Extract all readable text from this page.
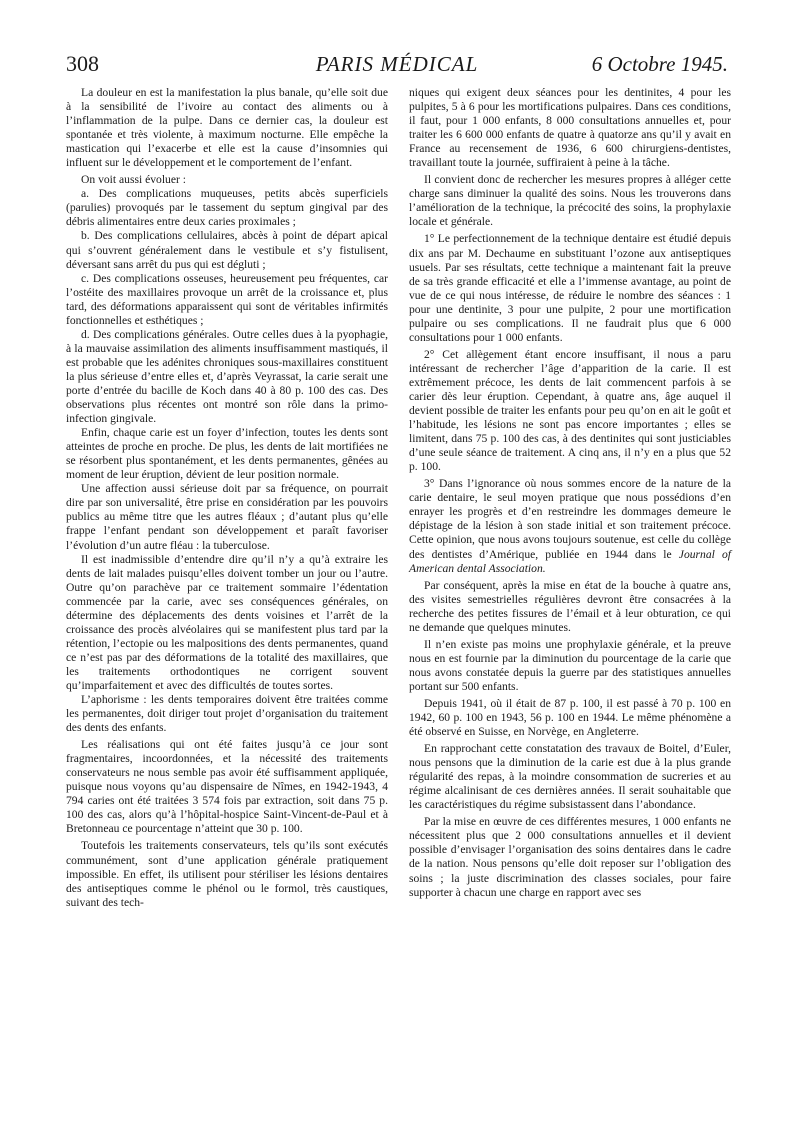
308	PARIS MÉDICAL	6 Octobre 1945.

La douleur en est la manifestation la plus banale, qu’elle soit due à la sensibilité de l’ivoire au contact des aliments ou à l’inflammation de la pulpe. Dans ce dernier cas, la douleur est spontanée et très violente, à maximum nocturne. Elle empêche la mastication qui l’exacerbe et elle est la cause d’insomnies qui influent sur le développement et le comportement de l’enfant.

On voit aussi évoluer :

a. Des complications muqueuses, petits abcès superficiels (parulies) provoqués par le tassement du septum gingival par des débris alimentaires entre deux caries proximales ;

b. Des complications cellulaires, abcès à point de départ apical qui s’ouvrent généralement dans le vestibule et s’y fistulisent, déversant sans arrêt du pus qui est dégluti ;

c. Des complications osseuses, heureusement peu fréquentes, car l’ostéite des maxillaires provoque un arrêt de la croissance et, plus tard, des déformations apparaissent qui sont de véritables infirmités fonctionnelles et esthétiques ;

d. Des complications générales. Outre celles dues à la pyophagie, à la mauvaise assimilation des aliments insuffisamment mastiqués, il est probable que les adénites chroniques sous-maxillaires constituent la plus sérieuse d’entre elles et, d’après Veyrassat, la carie serait une porte d’entrée du bacille de Koch dans 40 à 80 p. 100 des cas. Des observations plus récentes ont montré son rôle dans la primo-infection gingivale.

Enfin, chaque carie est un foyer d’infection, toutes les dents sont atteintes de proche en proche. De plus, les dents de lait mortifiées ne se résorbent plus spontanément, et les dents permanentes, gênées au moment de leur éruption, dévient de leur position normale.

Une affection aussi sérieuse doit par sa fréquence, on pourrait dire par son universalité, être prise en considération par les pouvoirs publics au même titre que les autres fléaux ; d’autant plus qu’elle frappe l’enfant pendant son développement et paraît favoriser l’évolution d’un autre fléau : la tuberculose.

Il est inadmissible d’entendre dire qu’il n’y a qu’à extraire les dents de lait malades puisqu’elles doivent tomber un jour ou l’autre. Outre qu’on parachève par ce traitement sommaire l’édentation commencée par la carie, avec ses conséquences générales, on détermine des déplacements des dents voisines et l’arrêt de la croissance des procès alvéolaires qui se manifestent plus tard par la rétention, l’ectopie ou les malpositions des dents permanentes, quand ce n’est pas par des déformations de la totalité des maxillaires, que les traitements orthodontiques ne corrigent souvent qu’imparfaitement et avec des difficultés de toutes sortes.

L’aphorisme : les dents temporaires doivent être traitées comme les permanentes, doit diriger tout projet d’organisation du traitement des dents des enfants.

Les réalisations qui ont été faites jusqu’à ce jour sont fragmentaires, incoordonnées, et la nécessité des traitements conservateurs ne nous semble pas avoir été suffisamment appliquée, puisque nous voyons qu’au dispensaire de Nîmes, en 1942-1943, 4 794 caries ont été traitées 3 574 fois par extraction, soit dans 75 p. 100 des cas, alors qu’à l’hôpital-hospice Saint-Vincent-de-Paul et à Bretonneau ce pourcentage n’atteint que 30 p. 100.

Toutefois les traitements conservateurs, tels qu’ils sont exécutés communément, sont d’une application générale pratiquement impossible. En effet, ils utilisent pour stériliser les lésions dentaires des antiseptiques comme le phénol ou le formol, très caustiques, suivant des tech-

niques qui exigent deux séances pour les dentinites, 4 pour les pulpites, 5 à 6 pour les mortifications pulpaires. Dans ces conditions, il faut, pour 1 000 enfants, 8 000 consultations annuelles et, pour traiter les 6 600 000 enfants de quatre à quatorze ans qu’il y avait en France au recensement de 1936, 6 600 chirurgiens-dentistes, travaillant toute la journée, suffiraient à peine à la tâche.

Il convient donc de rechercher les mesures propres à alléger cette charge sans diminuer la qualité des soins. Nous les trouverons dans l’amélioration de la technique, la précocité des soins, la prophylaxie locale et générale.

1° Le perfectionnement de la technique dentaire est étudié depuis dix ans par M. Dechaume en substituant l’ozone aux antiseptiques usuels. Par ses résultats, cette technique a maintenant fait la preuve de sa très grande efficacité et elle a l’immense avantage, au point de vue de ce qui nous intéresse, de réduire le nombre des séances : 1 pour une dentinite, 3 pour une pulpite, 2 pour une mortification pulpaire ou ses complications. Il ne faudrait plus que 6 000 consultations pour 1 000 enfants.

2° Cet allègement étant encore insuffisant, il nous a paru intéressant de rechercher l’âge d’apparition de la carie. Il est extrêmement précoce, les dents de lait commencent parfois à se carier dès leur éruption. Cependant, à quatre ans, âge auquel il devient possible de traiter les enfants pour peu qu’on en ait le goût et l’habitude, les lésions ne sont pas encore importantes ; elles se limitent, dans 75 p. 100 des cas, à des dentinites qui sont justiciables d’une seule séance de traitement. A cinq ans, il n’y en a plus que 52 p. 100.

3° Dans l’ignorance où nous sommes encore de la nature de la carie dentaire, le seul moyen pratique que nous possédions d’en enrayer les progrès et d’en restreindre les dommages demeure le dépistage de la lésion à son stade initial et son traitement précoce. Cette opinion, que nous avons toujours soutenue, est celle du collège des dentistes d’Amérique, publiée en 1944 dans le Journal of American dental Association.

Par conséquent, après la mise en état de la bouche à quatre ans, des visites semestrielles régulières devront être consacrées à la recherche des petites fissures de l’émail et à leur obturation, ce qui ne demande que quelques minutes.

Il n’en existe pas moins une prophylaxie générale, et la preuve nous en est fournie par la diminution du pourcentage de la carie que nous avons constatée depuis la guerre par des statistiques annuelles portant sur 500 enfants.

Depuis 1941, où il était de 87 p. 100, il est passé à 70 p. 100 en 1942, 60 p. 100 en 1943, 56 p. 100 en 1944. Le même phénomène a été observé en Suisse, en Norvège, en Angleterre.

En rapprochant cette constatation des travaux de Boitel, d’Euler, nous pensons que la diminution de la carie est due à la plus grande régularité des repas, à la moindre consommation de sucreries et au régime alcalinisant de ces dernières années. Il serait souhaitable que les caractéristiques du régime subsistassent dans l’abondance.

Par la mise en œuvre de ces différentes mesures, 1 000 enfants ne nécessitent plus que 2 000 consultations annuelles et il devient possible d’envisager l’organisation des soins dentaires dans le cadre de la nation. Nous pensons qu’elle doit reposer sur l’obligation des soins ; la juste discrimination des classes sociales, pour faire supporter à chacun une charge en rapport avec ses
